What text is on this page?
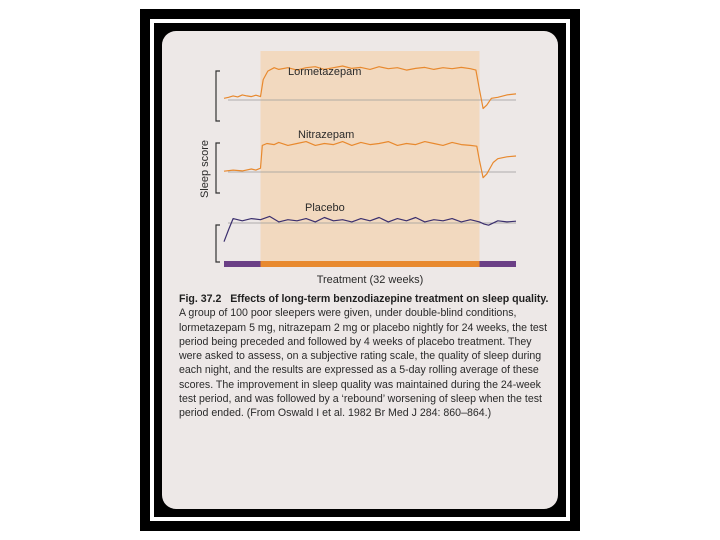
Lormetazepam
Nitrazepam
Placebo
Sleep score
Treatment (32 weeks)
Fig. 37.2 Effects of long-term benzodiazepine treatment on sleep quality. A group of 100 poor sleepers were given, under double-blind conditions, lormetazepam 5 mg, nitrazepam 2 mg or placebo nightly for 24 weeks, the test period being preceded and followed by 4 weeks of placebo treatment. They were asked to assess, on a subjective rating scale, the quality of sleep during each night, and the results are expressed as a 5-day rolling average of these scores. The improvement in sleep quality was maintained during the 24-week test period, and was followed by a ‘rebound’ worsening of sleep when the test period ended. (From Oswald I et al. 1982 Br Med J 284: 860–864.)
